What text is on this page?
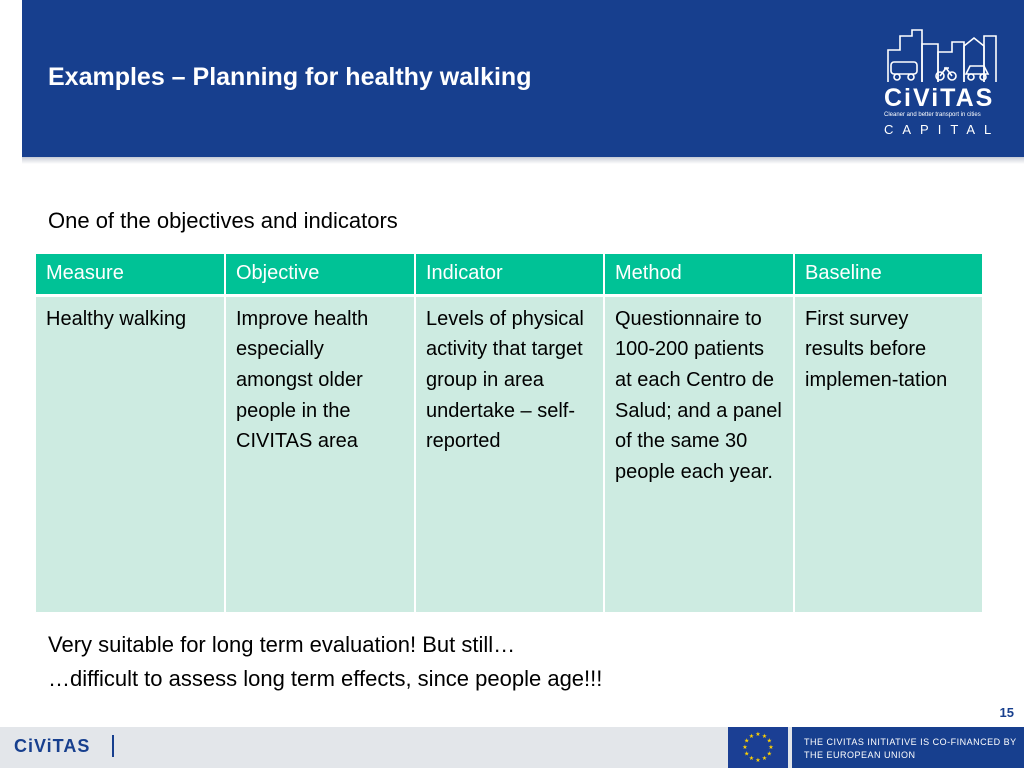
Examples – Planning for healthy walking
CiViTAS
Cleaner and better transport in cities
CAPITAL
One of the objectives and indicators
Measure	Objective	Indicator	Method	Baseline
Healthy walking	Improve health especially amongst older people in the CIVITAS area	Levels of physical activity that target group in area undertake – self-reported	Questionnaire to 100-200 patients at each Centro de Salud; and a panel of the same 30 people each year.	First survey results before implemen-tation
Very suitable for long term evaluation! But still…
…difficult to assess long term effects, since people age!!!
15
CiViTAS
★ ★
★
★
★
★
★
★
★
★
★
★
THE CIVITAS INITIATIVE IS CO-FINANCED BY THE EUROPEAN UNION
